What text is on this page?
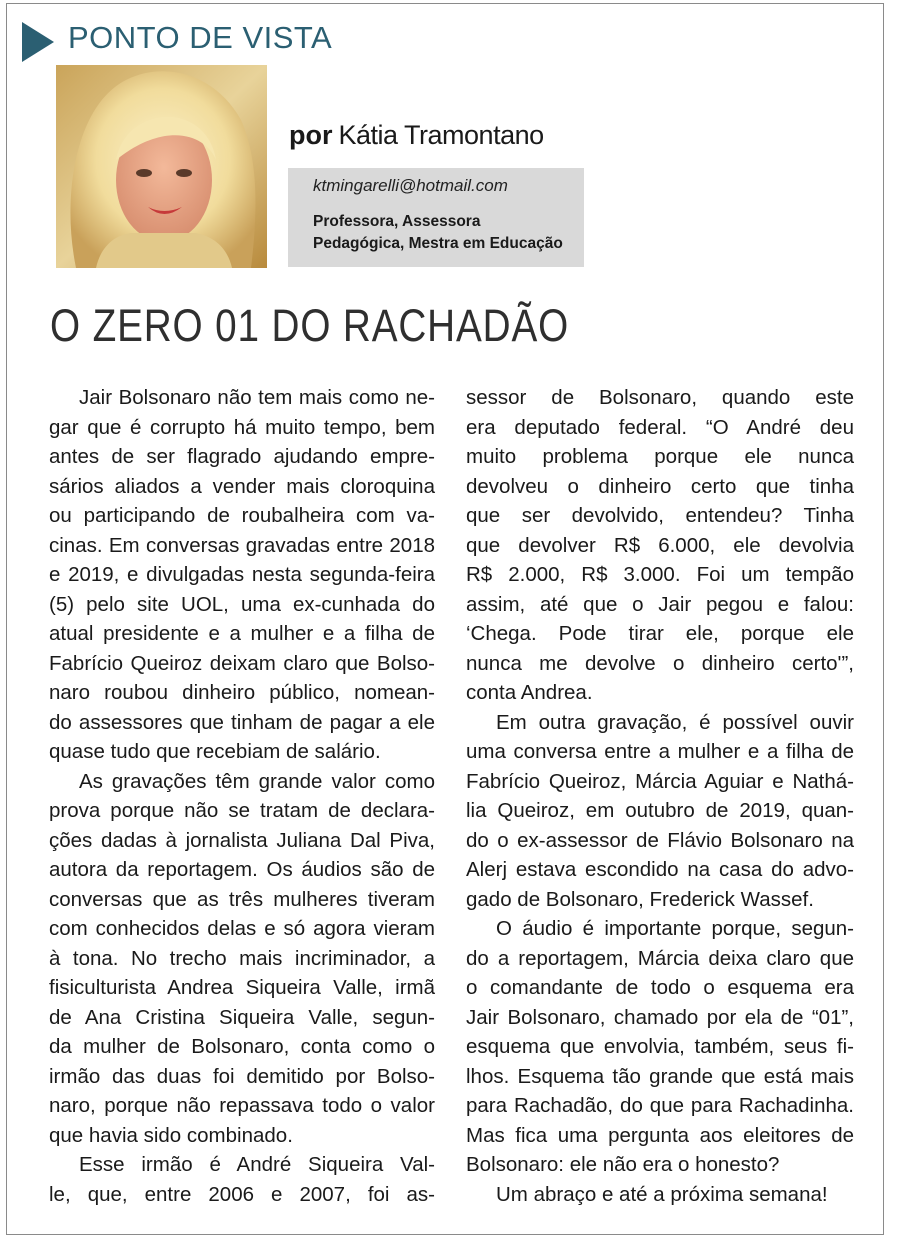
PONTO DE VISTA
por Kátia Tramontano
ktmingarelli@hotmail.com
Professora, Assessora
Pedagógica, Mestra em Educação
O ZERO 01 DO RACHADÃO

Jair Bolsonaro não tem mais como ne-

gar que é corrupto há muito tempo, bem

antes de ser flagrado ajudando empre-

sários aliados a vender mais cloroquina

ou participando de roubalheira com va-

cinas. Em conversas gravadas entre 2018

e 2019, e divulgadas nesta segunda-feira

(5) pelo site UOL, uma ex-cunhada do

atual presidente e a mulher e a filha de

Fabrício Queiroz deixam claro que Bolso-

naro roubou dinheiro público, nomean-

do assessores que tinham de pagar a ele

quase tudo que recebiam de salário.

As gravações têm grande valor como

prova porque não se tratam de declara-

ções dadas à jornalista Juliana Dal Piva,

autora da reportagem. Os áudios são de

conversas que as três mulheres tiveram

com conhecidos delas e só agora vieram

à tona. No trecho mais incriminador, a

fisiculturista Andrea Siqueira Valle, irmã

de Ana Cristina Siqueira Valle, segun-

da mulher de Bolsonaro, conta como o

irmão das duas foi demitido por Bolso-

naro, porque não repassava todo o valor

que havia sido combinado.

Esse irmão é André Siqueira Val-

le, que, entre 2006 e 2007, foi as-

sessor de Bolsonaro, quando este

era deputado federal. “O André deu

muito problema porque ele nunca

devolveu o dinheiro certo que tinha

que ser devolvido, entendeu? Tinha

que devolver R$ 6.000, ele devolvia

R$ 2.000, R$ 3.000. Foi um tempão

assim, até que o Jair pegou e falou:

‘Chega. Pode tirar ele, porque ele

nunca me devolve o dinheiro certo'”,

conta Andrea.

Em outra gravação, é possível ouvir

uma conversa entre a mulher e a filha de

Fabrício Queiroz, Márcia Aguiar e Nathá-

lia Queiroz, em outubro de 2019, quan-

do o ex-assessor de Flávio Bolsonaro na

Alerj estava escondido na casa do advo-

gado de Bolsonaro, Frederick Wassef.

O áudio é importante porque, segun-

do a reportagem, Márcia deixa claro que

o comandante de todo o esquema era

Jair Bolsonaro, chamado por ela de “01”,

esquema que envolvia, também, seus fi-

lhos. Esquema tão grande que está mais

para Rachadão, do que para Rachadinha.

Mas fica uma pergunta aos eleitores de

Bolsonaro: ele não era o honesto?

Um abraço e até a próxima semana!
